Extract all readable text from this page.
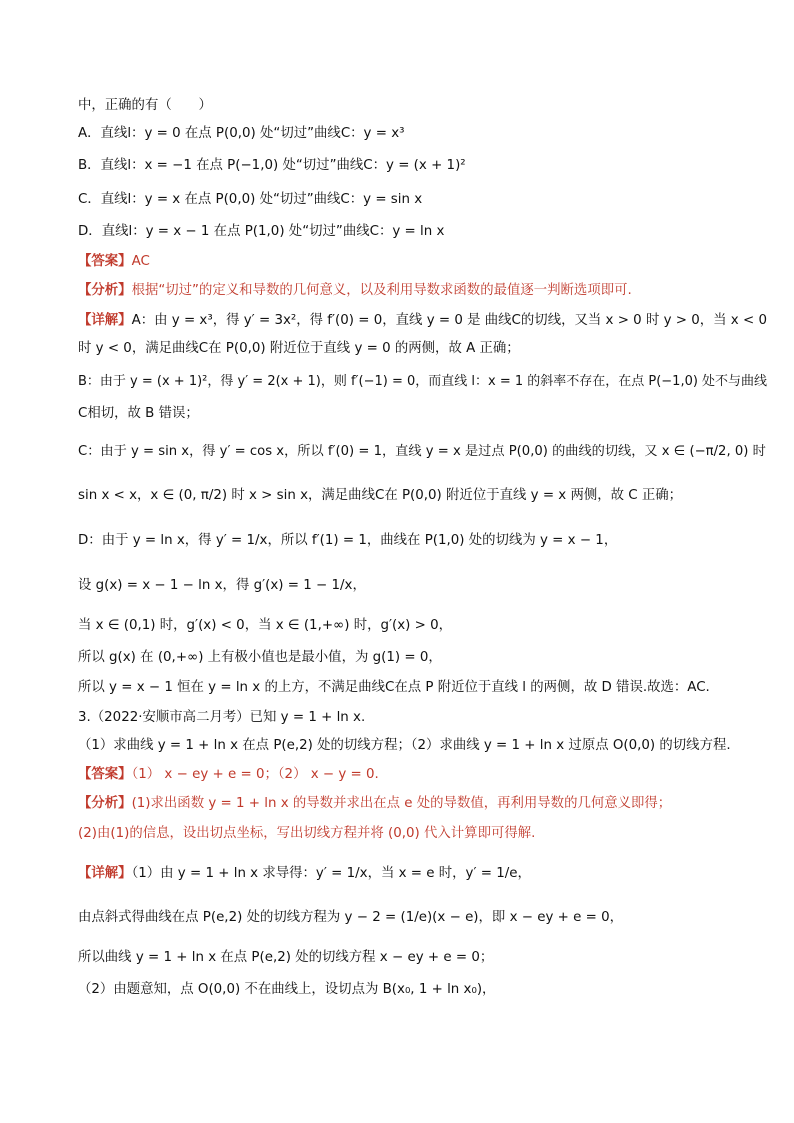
中，正确的有（　　）
A．直线l：y = 0 在点 P(0,0) 处“切过”曲线C：y = x³
B．直线l：x = −1 在点 P(−1,0) 处“切过”曲线C：y = (x + 1)²
C．直线l：y = x 在点 P(0,0) 处“切过”曲线C：y = sin x
D．直线l：y = x − 1 在点 P(1,0) 处“切过”曲线C：y = ln x
【答案】AC
【分析】根据“切过”的定义和导数的几何意义，以及利用导数求函数的最值逐一判断选项即可.
【详解】A：由 y = x³，得 y′ = 3x²，得 f′(0) = 0，直线 y = 0 是 曲线C的切线，又当 x > 0 时 y > 0，当 x < 0
时 y < 0，满足曲线C在 P(0,0) 附近位于直线 y = 0 的两侧，故 A 正确；
B：由于 y = (x + 1)²，得 y′ = 2(x + 1)，则 f′(−1) = 0，而直线 l：x = 1 的斜率不存在，在点 P(−1,0) 处不与曲线
C相切，故 B 错误；
C：由于 y = sin x，得 y′ = cos x，所以 f′(0) = 1，直线 y = x 是过点 P(0,0) 的曲线的切线，又 x ∈ (−π/2, 0) 时
sin x < x，x ∈ (0, π/2) 时 x > sin x，满足曲线C在 P(0,0) 附近位于直线 y = x 两侧，故 C 正确；
D：由于 y = ln x，得 y′ = 1/x，所以 f′(1) = 1，曲线在 P(1,0) 处的切线为 y = x − 1，
设 g(x) = x − 1 − ln x，得 g′(x) = 1 − 1/x，
当 x ∈ (0,1) 时，g′(x) < 0，当 x ∈ (1,+∞) 时，g′(x) > 0，
所以 g(x) 在 (0,+∞) 上有极小值也是最小值，为 g(1) = 0，
所以 y = x − 1 恒在 y = ln x 的上方，不满足曲线C在点 P 附近位于直线 l 的两侧，故 D 错误.故选：AC.
3.（2022·安顺市高二月考）已知 y = 1 + ln x.
（1）求曲线 y = 1 + ln x 在点 P(e,2) 处的切线方程；（2）求曲线 y = 1 + ln x 过原点 O(0,0) 的切线方程.
【答案】（1） x − ey + e = 0；（2） x − y = 0.
【分析】(1)求出函数 y = 1 + ln x 的导数并求出在点 e 处的导数值，再利用导数的几何意义即得；
(2)由(1)的信息，设出切点坐标，写出切线方程并将 (0,0) 代入计算即可得解.
【详解】（1）由 y = 1 + ln x 求导得：y′ = 1/x，当 x = e 时，y′ = 1/e，
由点斜式得曲线在点 P(e,2) 处的切线方程为 y − 2 = (1/e)(x − e)，即 x − ey + e = 0，
所以曲线 y = 1 + ln x 在点 P(e,2) 处的切线方程 x − ey + e = 0；
（2）由题意知，点 O(0,0) 不在曲线上，设切点为 B(x₀, 1 + ln x₀)，
